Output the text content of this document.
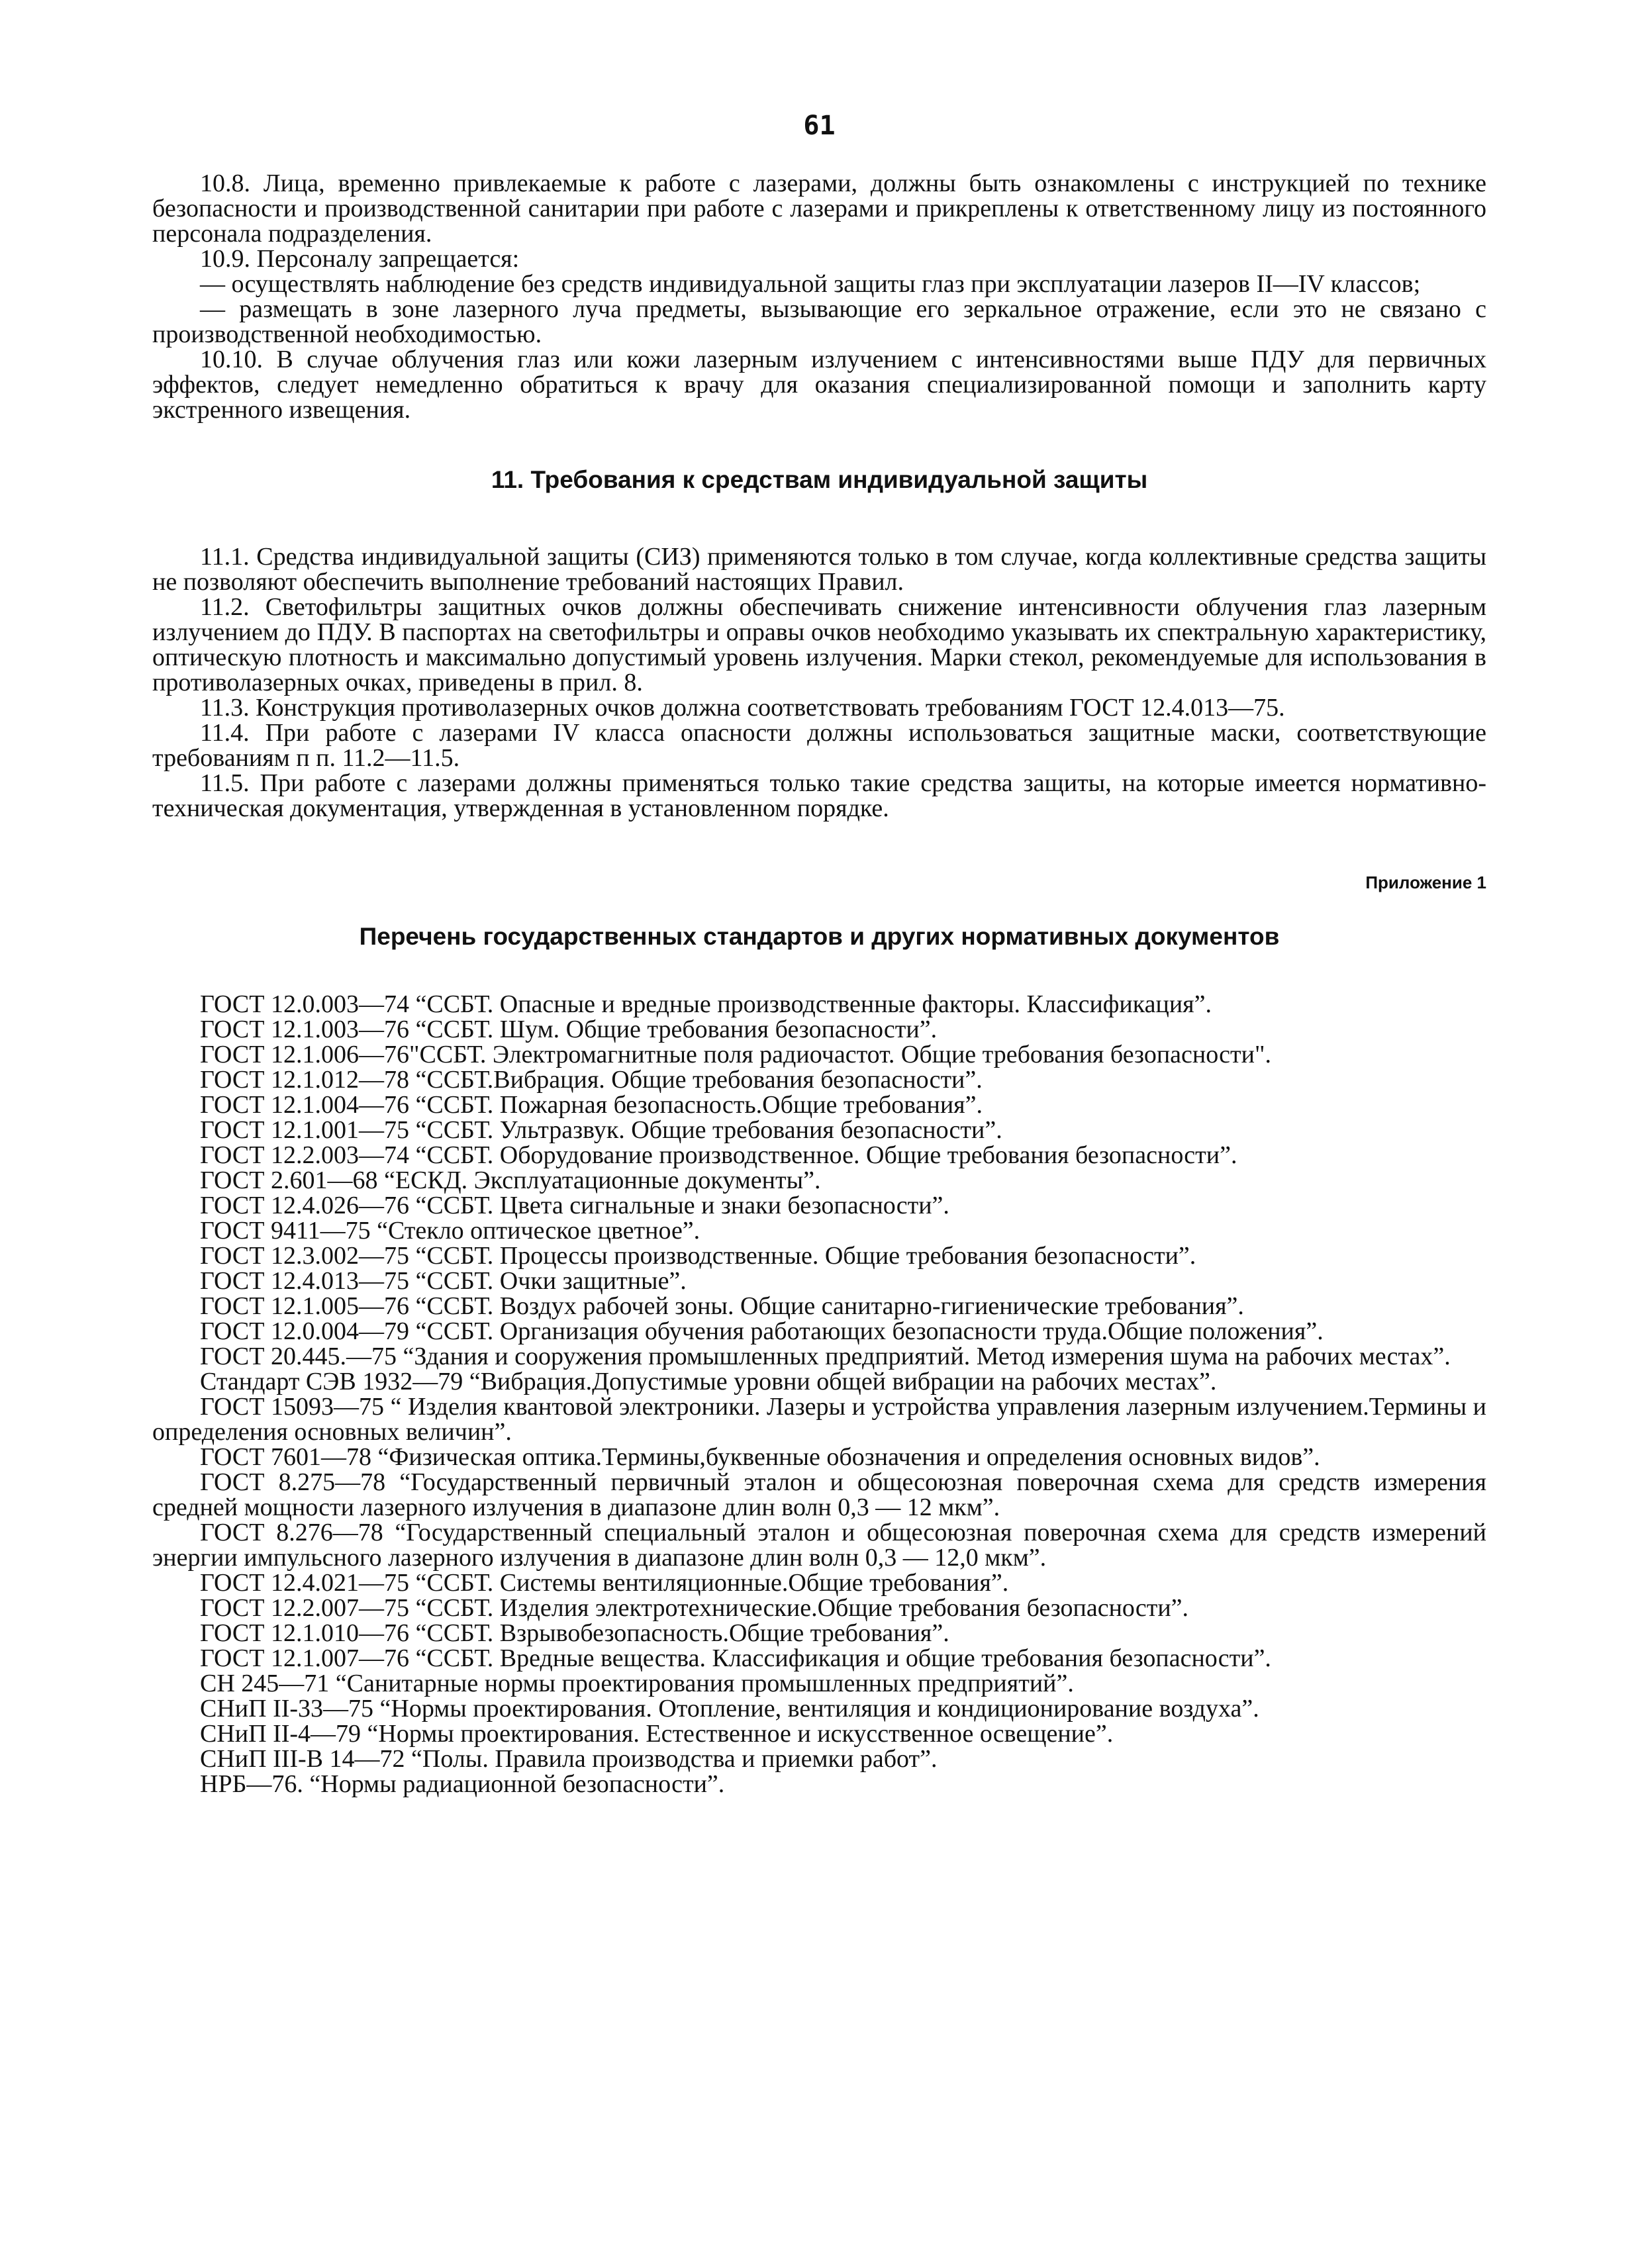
61

10.8. Лица, временно привлекаемые к работе с лазерами, должны быть ознакомлены с инструкцией по технике безопасности и производственной санитарии при работе с лазерами и прикреплены к ответственному лицу из постоянного персонала подразделения.

10.9. Персоналу запрещается:

— осуществлять наблюдение без средств индивидуальной защиты глаз при эксплуатации лазеров II—IV классов;

— размещать в зоне лазерного луча предметы, вызывающие его зеркальное отражение, если это не связано с производственной необходимостью.

10.10. В случае облучения глаз или кожи лазерным излучением с интенсивностями выше ПДУ для первичных эффектов, следует немедленно обратиться к врачу для оказания специализированной помощи и заполнить карту экстренного извещения.

11. Требования к средствам индивидуальной защиты

11.1. Средства индивидуальной защиты (СИЗ) применяются только в том случае, когда коллективные средства защиты не позволяют обеспечить выполнение требований настоящих Правил.

11.2. Светофильтры защитных очков должны обеспечивать снижение интенсивности облучения глаз лазерным излучением до ПДУ. В паспортах на светофильтры и оправы очков необходимо указывать их спектральную характеристику, оптическую плотность и максимально допустимый уровень излучения. Марки стекол, рекомендуемые для использования в противолазерных очках, приведены в прил. 8.

11.3. Конструкция противолазерных очков должна соответствовать требованиям ГОСТ 12.4.013—75.

11.4. При работе с лазерами IV класса опасности должны использоваться защитные маски, соответствующие требованиям п п. 11.2—11.5.

11.5. При работе с лазерами должны применяться только такие средства защиты, на которые имеется нормативно-техническая документация, утвержденная в установленном порядке.

Приложение 1
Перечень государственных стандартов и других нормативных документов

ГОСТ 12.0.003—74 “ССБТ. Опасные и вредные производственные факторы. Классификация”.

ГОСТ 12.1.003—76 “ССБТ. Шум. Общие требования безопасности”.

ГОСТ 12.1.006—76"ССБТ. Электромагнитные поля радиочастот. Общие требования безопасности".

ГОСТ 12.1.012—78 “ССБТ.Вибрация. Общие требования безопасности”.

ГОСТ 12.1.004—76 “ССБТ. Пожарная безопасность.Общие требования”.

ГОСТ 12.1.001—75 “ССБТ. Ультразвук. Общие требования безопасности”.

ГОСТ 12.2.003—74 “ССБТ. Оборудование производственное. Общие требования безопасности”.

ГОСТ 2.601—68 “ЕСКД. Эксплуатационные документы”.

ГОСТ 12.4.026—76 “ССБТ. Цвета сигнальные и знаки безопасности”.

ГОСТ 9411—75 “Стекло оптическое цветное”.

ГОСТ 12.3.002—75 “ССБТ. Процессы производственные. Общие требования безопасности”.

ГОСТ 12.4.013—75 “ССБТ. Очки защитные”.

ГОСТ 12.1.005—76 “ССБТ. Воздух рабочей зоны. Общие санитарно-гигиенические требования”.

ГОСТ 12.0.004—79 “ССБТ. Организация обучения работающих безопасности труда.Общие положения”.

ГОСТ 20.445.—75 “Здания и сооружения промышленных предприятий. Метод измерения шума на рабочих местах”.

Стандарт СЭВ 1932—79 “Вибрация.Допустимые уровни общей вибрации на рабочих местах”.

ГОСТ 15093—75 “ Изделия квантовой электроники. Лазеры и устройства управления лазерным излучением.Термины и определения основных величин”.

ГОСТ 7601—78 “Физическая оптика.Термины,буквенные обозначения и определения основных видов”.

ГОСТ 8.275—78 “Государственный первичный эталон и общесоюзная поверочная схема для средств измерения средней мощности лазерного излучения в диапазоне длин волн 0,3 — 12 мкм”.

ГОСТ 8.276—78 “Государственный специальный эталон и общесоюзная поверочная схема для средств измерений энергии импульсного лазерного излучения в диапазоне длин волн 0,3 — 12,0 мкм”.

ГОСТ 12.4.021—75 “ССБТ. Системы вентиляционные.Общие требования”.

ГОСТ 12.2.007—75 “ССБТ. Изделия электротехнические.Общие требования безопасности”.

ГОСТ 12.1.010—76 “ССБТ. Взрывобезопасность.Общие требования”.

ГОСТ 12.1.007—76 “ССБТ. Вредные вещества. Классификация и общие требования безопасности”.

СН 245—71 “Санитарные нормы проектирования промышленных предприятий”.

СНиП II-33—75 “Нормы проектирования. Отопление, вентиляция и кондиционирование воздуха”.

СНиП II-4—79 “Нормы проектирования. Естественное и искусственное освещение”.

СНиП III-В 14—72 “Полы. Правила производства и приемки работ”.

НРБ—76. “Нормы радиационной безопасности”.
